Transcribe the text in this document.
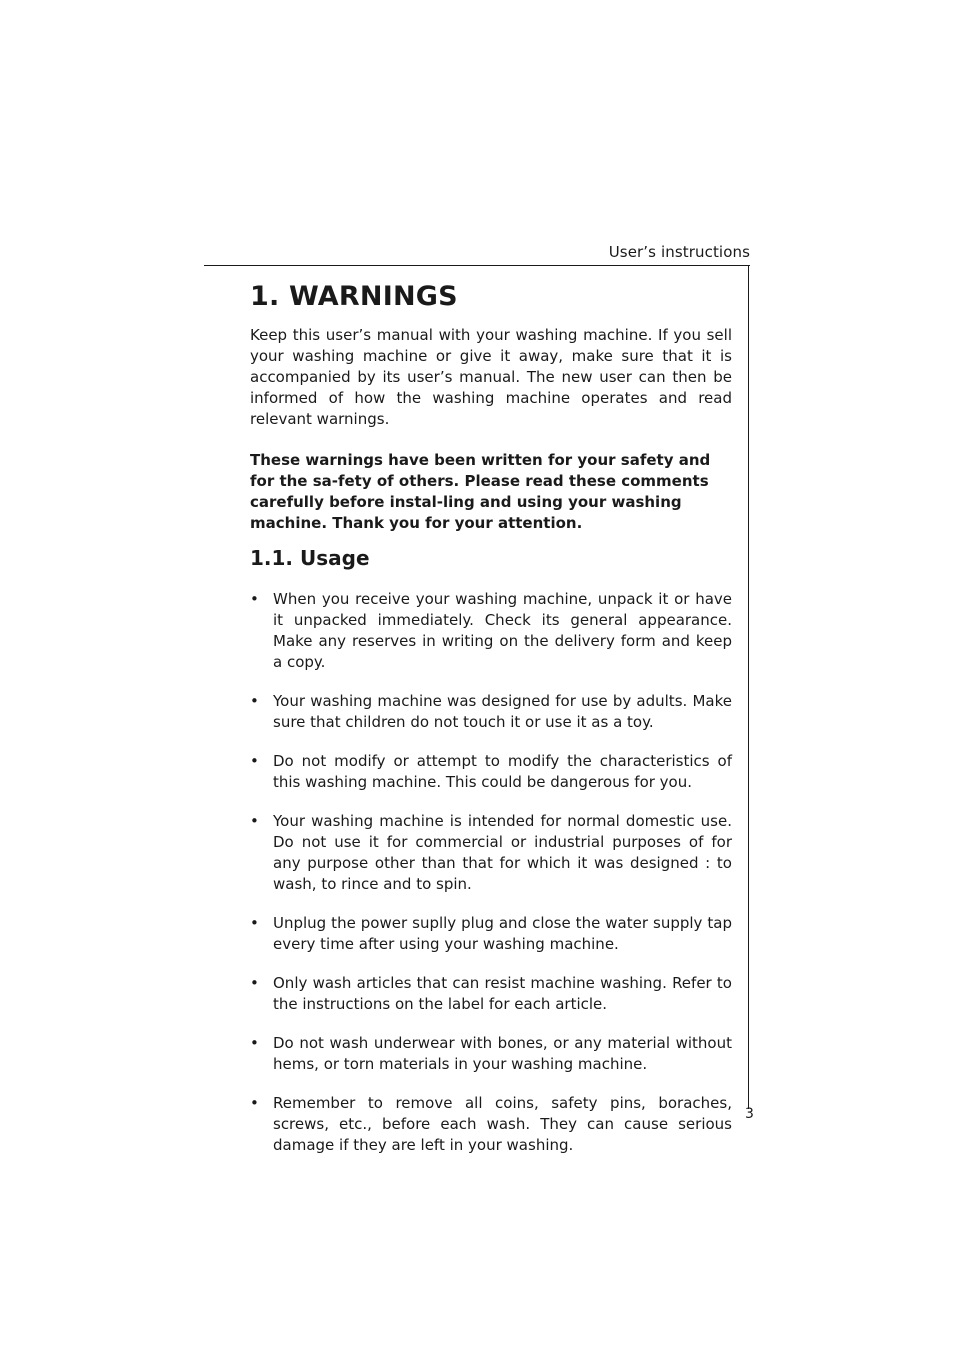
User’s instructions
3
1. WARNINGS

Keep this user’s manual with your washing machine. If you sell your washing machine or give it away, make sure that it is accompanied by its user’s manual. The new user can then be informed of how the washing machine operates and read relevant warnings.

These warnings have been written for your safety and for the sa-fety of others. Please read these comments carefully before instal-ling and using your washing machine. Thank you for your attention.

1.1. Usage
• When you receive your washing machine, unpack it or have it unpacked immediately. Check its general appearance. Make any reserves in writing on the delivery form and keep a copy.
• Your washing machine was designed for use by adults. Make sure that children do not touch it or use it as a toy.
• Do not modify or attempt to modify the characteristics of this washing machine. This could be dangerous for you.
• Your washing machine is intended for normal domestic use. Do not use it for commercial or industrial purposes of for any purpose other than that for which it was designed : to wash, to rince and to spin.
• Unplug the power suplly plug and close the water supply tap every time after using your washing machine.
• Only wash articles that can resist machine washing. Refer to the instructions on the label for each article.
• Do not wash underwear with bones, or any material without hems, or torn materials in your washing machine.
• Remember to remove all coins, safety pins, boraches, screws, etc., before each wash. They can cause serious damage if they are left in your washing.
